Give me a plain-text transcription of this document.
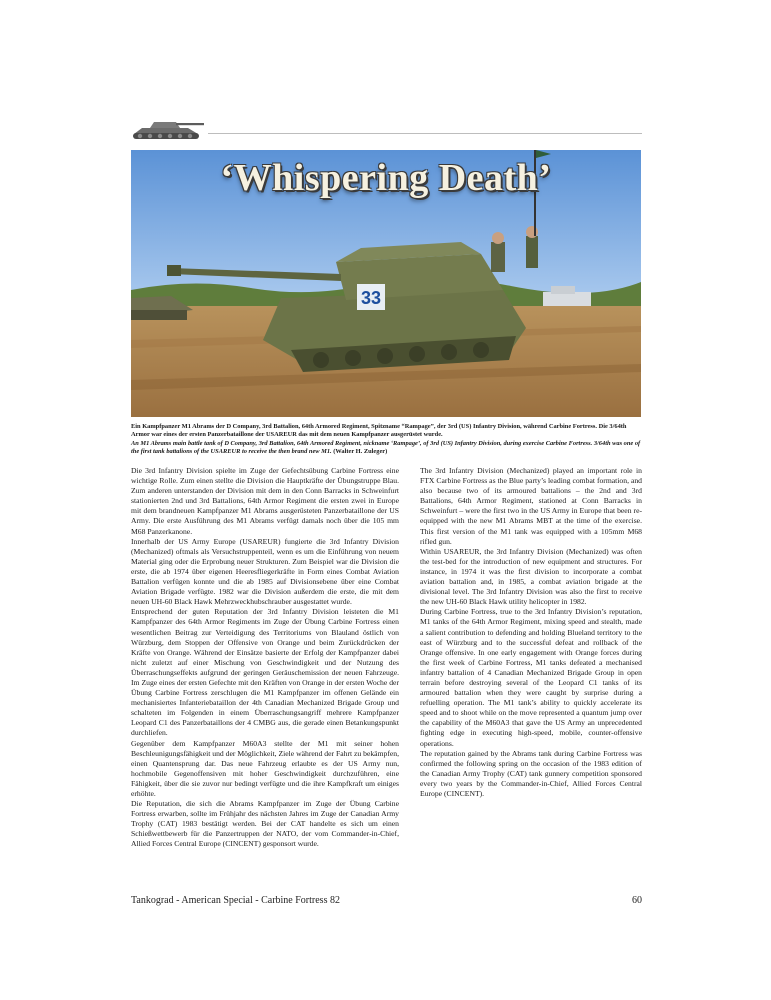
33
‘Whispering Death’

Ein Kampfpanzer M1 Abrams der D Company, 3rd Battalion, 64th Armored Regiment, Spitzname “Rampage”, der 3rd (US) Infantry Division, während Carbine Fortress. Die 3/64th Armor war eines der ersten Panzerbataillone der USAREUR das mit dem neuen Kampfpanzer ausgerüstet wurde.

An M1 Abrams main battle tank of D Company, 3rd Battalion, 64th Armored Regiment, nickname ‘Rampage’, of 3rd (US) Infantry Division, during exercise Carbine Fortress. 3/64th was one of the first tank battalions of the USAREUR to receive the then brand new M1. (Walter H. Zuleger)

Die 3rd Infantry Division spielte im Zuge der Gefechtsübung Carbine Fortress eine wichtige Rolle. Zum einen stellte die Division die Hauptkräfte der Übungstruppe Blau. Zum anderen unterstanden der Division mit dem in den Conn Barracks in Schweinfurt stationierten 2nd und 3rd Battalions, 64th Armor Regiment die ersten zwei in Europe mit dem brandneuen Kampfpanzer M1 Abrams ausgerüsteten Panzerbataillone der US Army. Die erste Ausführung des M1 Abrams verfügt damals noch über die 105 mm M68 Panzerkanone.

Innerhalb der US Army Europe (USAREUR) fungierte die 3rd Infantry Division (Mechanized) oftmals als Versuchstruppenteil, wenn es um die Einführung von neuem Material ging oder die Erprobung neuer Strukturen. Zum Beispiel war die Division die erste, die ab 1974 über eigenen Heeresfliegerkräfte in Form eines Combat Aviation Battalion verfügen konnte und die ab 1985 auf Divisionsebene über eine Combat Aviation Brigade verfügte. 1982 war die Division außerdem die erste, die mit dem neuen UH-60 Black Hawk Mehrzweckhubschrauber ausgestattet wurde.

Entsprechend der guten Reputation der 3rd Infantry Division leisteten die M1 Kampfpanzer des 64th Armor Regiments im Zuge der Übung Carbine Fortress einen wesentlichen Beitrag zur Verteidigung des Territoriums von Blauland östlich von Würzburg, dem Stoppen der Offensive von Orange und beim Zurückdrücken der Kräfte von Orange. Während der Einsätze basierte der Erfolg der Kampfpanzer dabei nicht zuletzt auf einer Mischung von Geschwindigkeit und der Nutzung des Überraschungseffekts aufgrund der geringen Geräuschemission der neuen Fahrzeuge. Im Zuge eines der ersten Gefechte mit den Kräften von Orange in der ersten Woche der Übung Carbine Fortress zerschlugen die M1 Kampfpanzer im offenen Gelände ein mechanisiertes Infanteriebataillon der 4th Canadian Mechanized Brigade Group und schalteten im Folgenden in einem Überraschungsangriff mehrere Kampfpanzer Leopard C1 des Panzerbataillons der 4 CMBG aus, die gerade einen Betankungspunkt durchliefen.

Gegenüber dem Kampfpanzer M60A3 stellte der M1 mit seiner hohen Beschleunigungsfähigkeit und der Möglichkeit, Ziele während der Fahrt zu bekämpfen, einen Quantensprung dar. Das neue Fahrzeug erlaubte es der US Army nun, hochmobile Gegenoffensiven mit hoher Geschwindigkeit durchzuführen, eine Fähigkeit, über die sie zuvor nur bedingt verfügte und die ihre Kampfkraft um einiges erhöhte.

Die Reputation, die sich die Abrams Kampfpanzer im Zuge der Übung Carbine Fortress erwarben, sollte im Frühjahr des nächsten Jahres im Zuge der Canadian Army Trophy (CAT) 1983 bestätigt werden. Bei der CAT handelte es sich um einen Schießwettbewerb für die Panzertruppen der NATO, der vom Commander-in-Chief, Allied Forces Central Europe (CINCENT) gesponsort wurde.

The 3rd Infantry Division (Mechanized) played an important role in FTX Carbine Fortress as the Blue party’s leading combat formation, and also because two of its armoured battalions – the 2nd and 3rd Battalions, 64th Armor Regiment, stationed at Conn Barracks in Schweinfurt – were the first two in the US Army in Europe that been re-equipped with the new M1 Abrams MBT at the time of the exercise. This first version of the M1 tank was equipped with a 105mm M68 rifled gun.

Within USAREUR, the 3rd Infantry Division (Mechanized) was often the test-bed for the introduction of new equipment and structures. For instance, in 1974 it was the first division to incorporate a combat aviation battalion and, in 1985, a combat aviation brigade at the divisional level. The 3rd Infantry Division was also the first to receive the new UH-60 Black Hawk utility helicopter in 1982.

During Carbine Fortress, true to the 3rd Infantry Division’s reputation, M1 tanks of the 64th Armor Regiment, mixing speed and stealth, made a salient contribution to defending and holding Blueland territory to the east of Würzburg and to the successful defeat and rollback of the Orange offensive. In one early engagement with Orange forces during the first week of Carbine Fortress, M1 tanks defeated a mechanised infantry battalion of 4 Canadian Mechanized Brigade Group in open terrain before destroying several of the Leopard C1 tanks of its armoured battalion when they were caught by surprise during a refuelling operation. The M1 tank’s ability to quickly accelerate its speed and to shoot while on the move represented a quantum jump over the capability of the M60A3 that gave the US Army an unprecedented fighting edge in executing high-speed, mobile, counter-offensive operations.

The reputation gained by the Abrams tank during Carbine Fortress was confirmed the following spring on the occasion of the 1983 edition of the Canadian Army Trophy (CAT) tank gunnery competition sponsored every two years by the Commander-in-Chief, Allied Forces Central Europe (CINCENT).

Tankograd - American Special - Carbine Fortress 82	60
